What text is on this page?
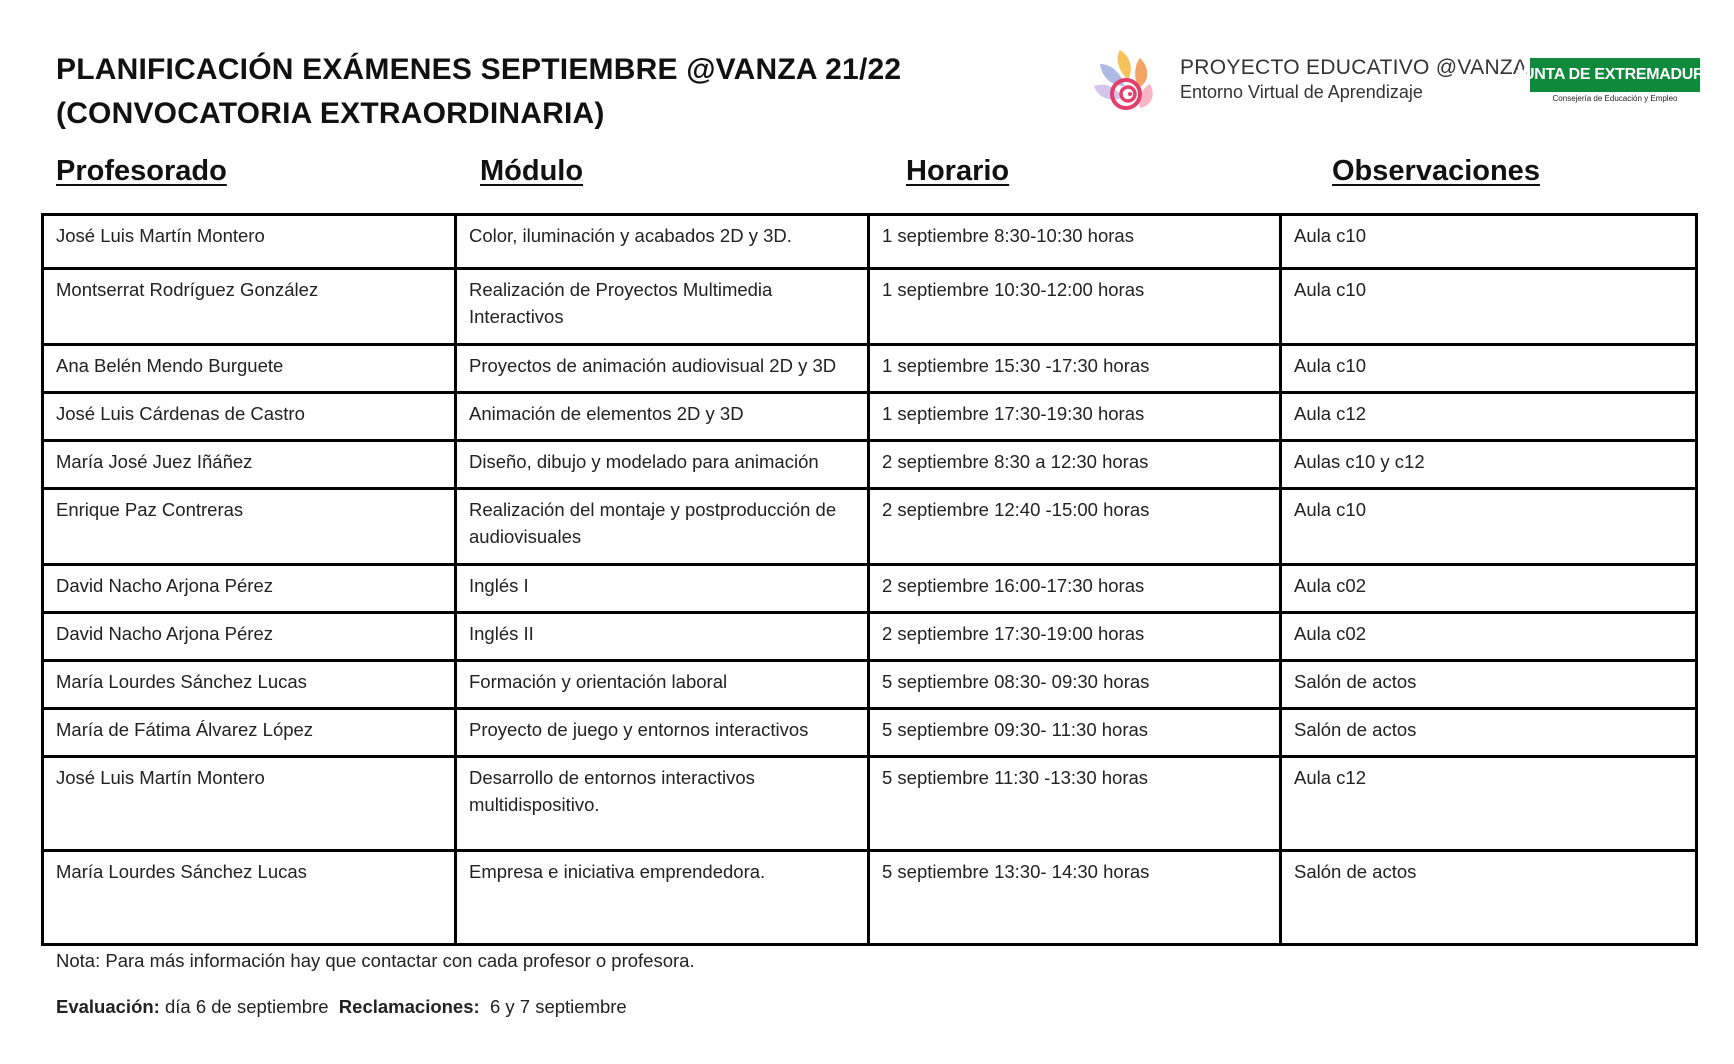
PLANIFICACIÓN EXÁMENES SEPTIEMBRE @VANZA 21/22
(CONVOCATORIA EXTRAORDINARIA)
PROYECTO EDUCATIVO @VANZA
Entorno Virtual de Aprendizaje
JUNTA DE EXTREMADURA
Consejería de Educación y Empleo
Profesorado	Módulo	Horario	Observaciones
José Luis Martín Montero	Color, iluminación y acabados 2D y 3D.	1 septiembre 8:30-10:30 horas	Aula c10
Montserrat Rodríguez González	Realización de Proyectos Multimedia Interactivos	1 septiembre 10:30-12:00 horas	Aula c10
Ana Belén Mendo Burguete	Proyectos de animación audiovisual 2D y 3D	1 septiembre 15:30 -17:30 horas	Aula c10
José Luis Cárdenas de Castro	Animación de elementos 2D y 3D	1 septiembre 17:30-19:30 horas	Aula c12
María José Juez Iñáñez	Diseño, dibujo y modelado para animación	2 septiembre 8:30 a 12:30 horas	Aulas c10 y c12
Enrique Paz Contreras	Realización del montaje y postproducción de audiovisuales	2 septiembre 12:40 -15:00 horas	Aula c10
David Nacho Arjona Pérez	Inglés I	2 septiembre 16:00-17:30 horas	Aula c02
David Nacho Arjona Pérez	Inglés II	2 septiembre 17:30-19:00 horas	Aula c02
María Lourdes Sánchez Lucas	Formación y orientación laboral	5 septiembre 08:30- 09:30 horas	Salón de actos
María de Fátima Álvarez López	Proyecto de juego y entornos interactivos	5 septiembre 09:30- 11:30 horas	Salón de actos
José Luis Martín Montero	Desarrollo de entornos interactivos multidispositivo.	5 septiembre 11:30 -13:30 horas	Aula c12
María Lourdes Sánchez Lucas	Empresa e iniciativa emprendedora.	5 septiembre 13:30- 14:30 horas	Salón de actos
Nota: Para más información hay que contactar con cada profesor o profesora.
Evaluación: día 6 de septiembre Reclamaciones: 6 y 7 septiembre
